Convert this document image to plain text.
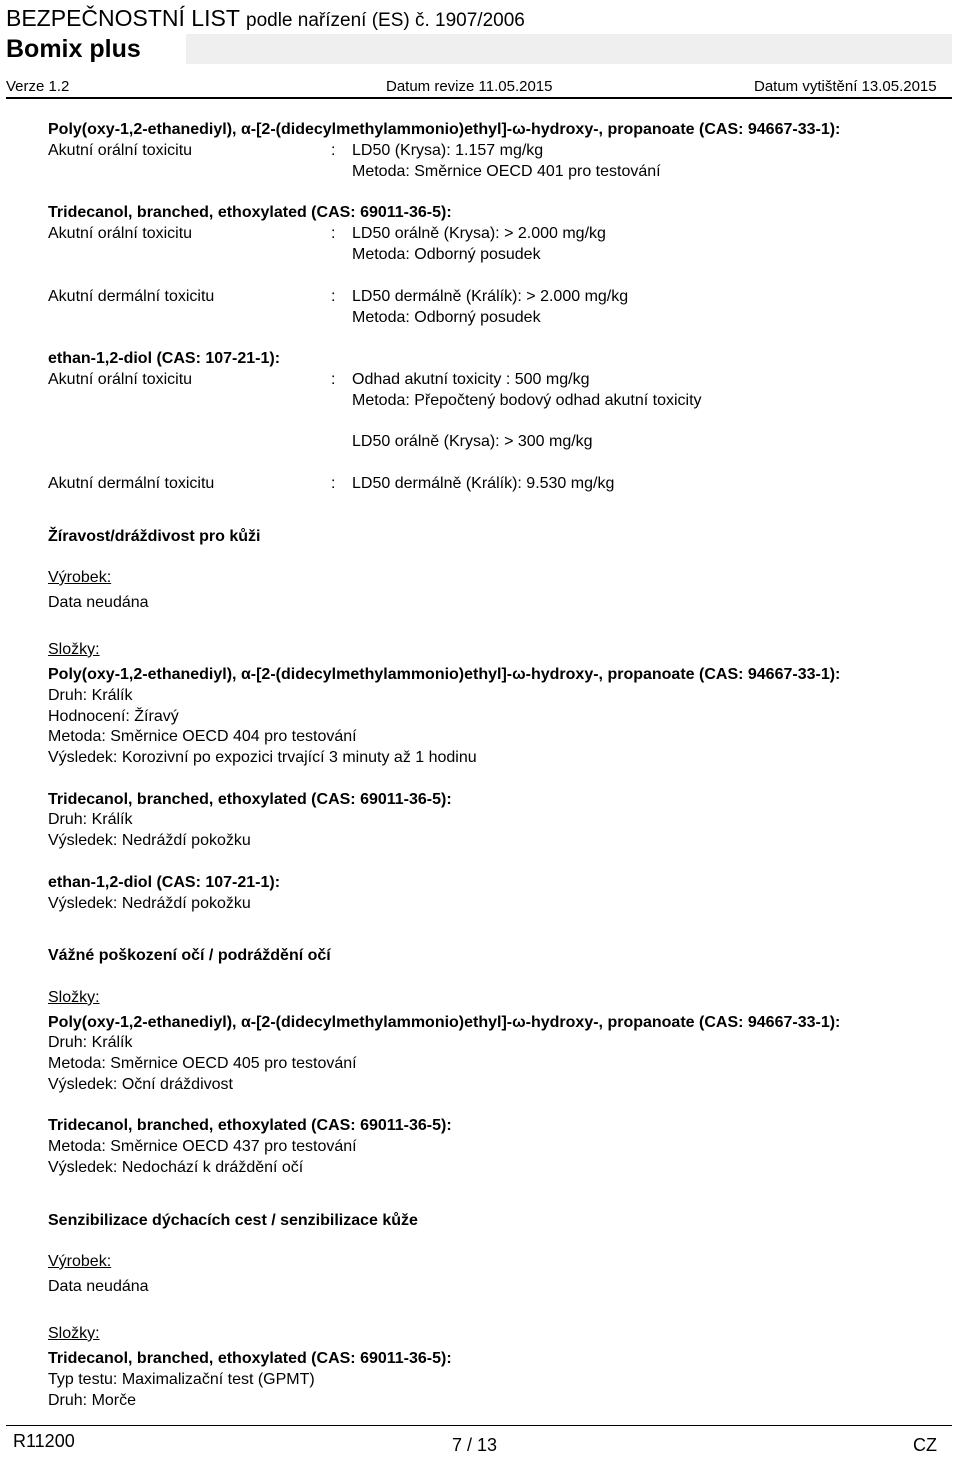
BEZPEČNOSTNÍ LIST podle nařízení (ES) č. 1907/2006
Bomix plus
Verze 1.2	Datum revize 11.05.2015	Datum vytištění 13.05.2015
Poly(oxy-1,2-ethanediyl), α-[2-(didecylmethylammonio)ethyl]-ω-hydroxy-, propanoate (CAS: 94667-33-1):
Akutní orální toxicitu	: LD50 (Krysa): 1.157 mg/kg
Metoda: Směrnice OECD 401 pro testování
Tridecanol, branched, ethoxylated (CAS: 69011-36-5):
Akutní orální toxicitu	: LD50 orálně (Krysa): > 2.000 mg/kg
Metoda: Odborný posudek
Akutní dermální toxicitu	: LD50 dermálně (Králík): > 2.000 mg/kg
Metoda: Odborný posudek
ethan-1,2-diol (CAS: 107-21-1):
Akutní orální toxicitu	: Odhad akutní toxicity : 500 mg/kg
Metoda: Přepočtený bodový odhad akutní toxicity
LD50 orálně (Krysa): > 300 mg/kg
Akutní dermální toxicitu	: LD50 dermálně (Králík): 9.530 mg/kg
Žíravost/dráždivost pro kůži
Výrobek:
Data neudána
Složky:
Poly(oxy-1,2-ethanediyl), α-[2-(didecylmethylammonio)ethyl]-ω-hydroxy-, propanoate (CAS: 94667-33-1):
Druh: Králík
Hodnocení: Žíravý
Metoda: Směrnice OECD 404 pro testování
Výsledek: Korozivní po expozici trvající 3 minuty až 1 hodinu
Tridecanol, branched, ethoxylated (CAS: 69011-36-5):
Druh: Králík
Výsledek: Nedráždí pokožku
ethan-1,2-diol (CAS: 107-21-1):
Výsledek: Nedráždí pokožku
Vážné poškození očí / podráždění očí
Složky:
Poly(oxy-1,2-ethanediyl), α-[2-(didecylmethylammonio)ethyl]-ω-hydroxy-, propanoate (CAS: 94667-33-1):
Druh: Králík
Metoda: Směrnice OECD 405 pro testování
Výsledek: Oční dráždivost
Tridecanol, branched, ethoxylated (CAS: 69011-36-5):
Metoda: Směrnice OECD 437 pro testování
Výsledek: Nedochází k dráždění očí
Senzibilizace dýchacích cest / senzibilizace kůže
Výrobek:
Data neudána
Složky:
Tridecanol, branched, ethoxylated (CAS: 69011-36-5):
Typ testu: Maximalizační test (GPMT)
Druh: Morče
R11200	7 / 13	CZ
